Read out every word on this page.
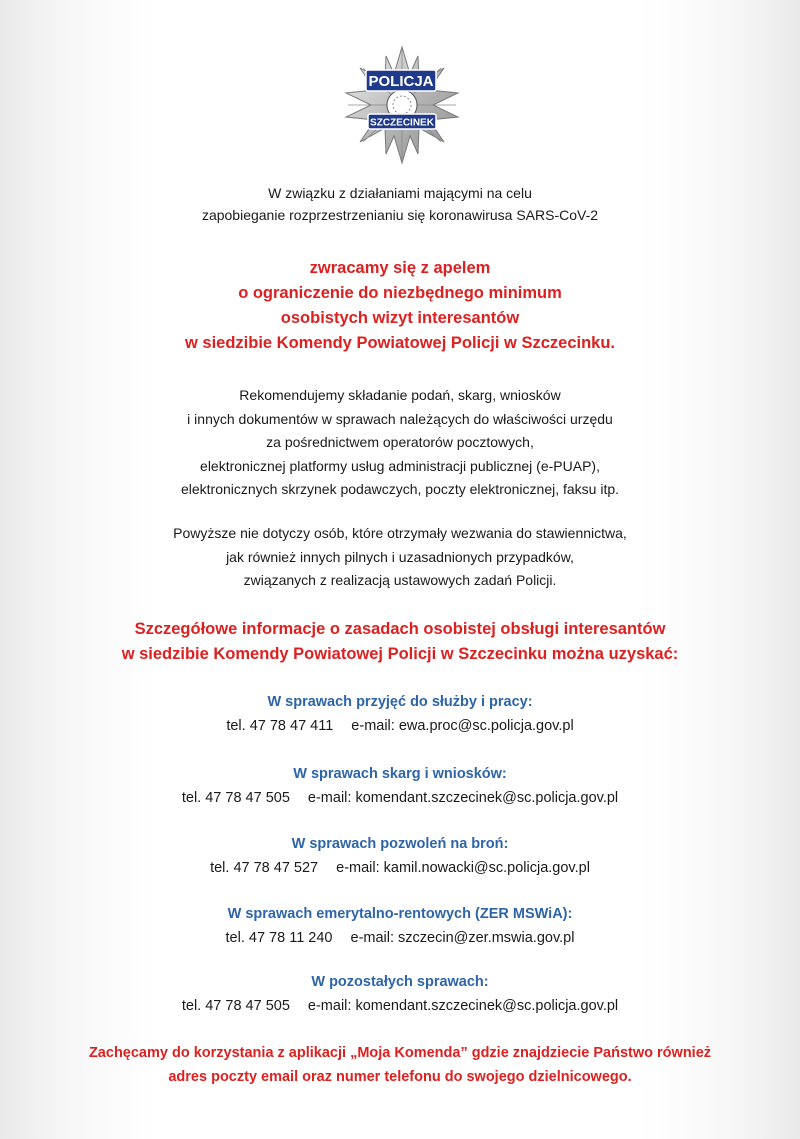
POLICJA
SZCZECINEK
W związku z działaniami mającymi na celu
zapobieganie rozprzestrzenianiu się koronawirusa SARS-CoV-2
zwracamy się z apelem
o ograniczenie do niezbędnego minimum
osobistych wizyt interesantów
w siedzibie Komendy Powiatowej Policji w Szczecinku.
Rekomendujemy składanie podań, skarg, wniosków
i innych dokumentów w sprawach należących do właściwości urzędu
za pośrednictwem operatorów pocztowych,
elektronicznej platformy usług administracji publicznej (e-PUAP),
elektronicznych skrzynek podawczych, poczty elektronicznej, faksu itp.
Powyższe nie dotyczy osób, które otrzymały wezwania do stawiennictwa,
jak również innych pilnych i uzasadnionych przypadków,
związanych z realizacją ustawowych zadań Policji.
Szczegółowe informacje o zasadach osobistej obsługi interesantów
w siedzibie Komendy Powiatowej Policji w Szczecinku można uzyskać:
W sprawach przyjęć do służby i pracy:
tel. 47 78 47 411 e-mail: ewa.proc@sc.policja.gov.pl
W sprawach skarg i wniosków:
tel. 47 78 47 505 e-mail: komendant.szczecinek@sc.policja.gov.pl
W sprawach pozwoleń na broń:
tel. 47 78 47 527 e-mail: kamil.nowacki@sc.policja.gov.pl
W sprawach emerytalno-rentowych (ZER MSWiA):
tel. 47 78 11 240 e-mail: szczecin@zer.mswia.gov.pl
W pozostałych sprawach:
tel. 47 78 47 505 e-mail: komendant.szczecinek@sc.policja.gov.pl
Zachęcamy do korzystania z aplikacji „Moja Komenda” gdzie znajdziecie Państwo również
adres poczty email oraz numer telefonu do swojego dzielnicowego.
